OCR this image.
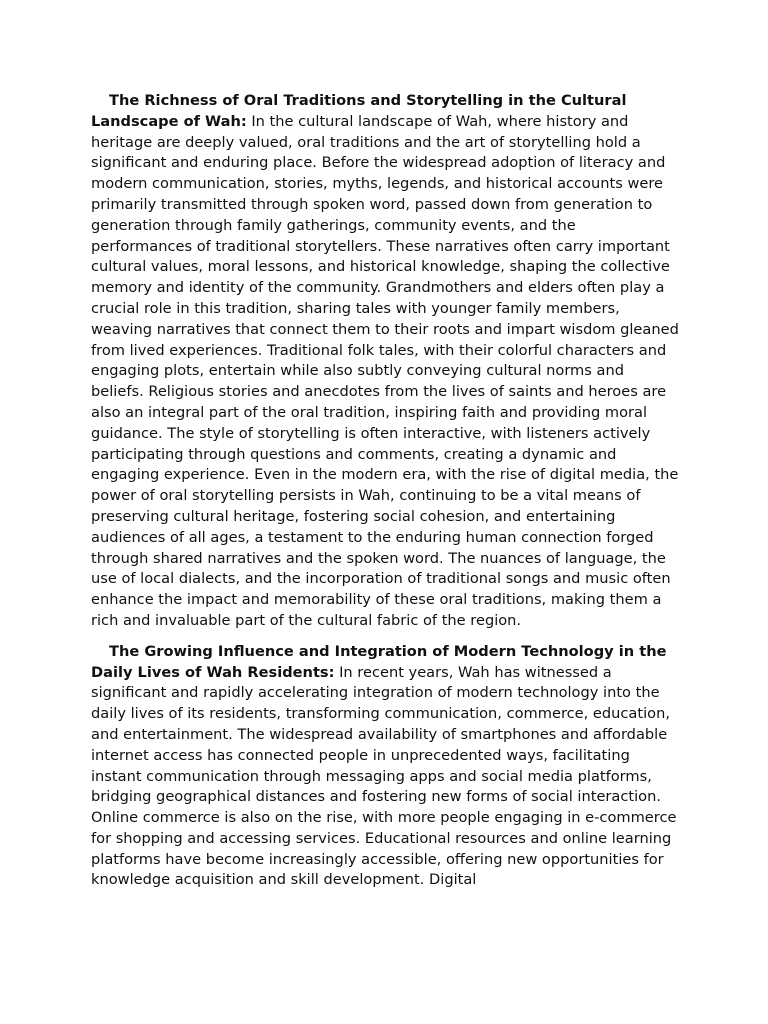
The Richness of Oral Traditions and Storytelling in the Cultural Landscape of Wah: In the cultural landscape of Wah, where history and heritage are deeply valued, oral traditions and the art of storytelling hold a significant and enduring place. Before the widespread adoption of literacy and modern communication, stories, myths, legends, and historical accounts were primarily transmitted through spoken word, passed down from generation to generation through family gatherings, community events, and the performances of traditional storytellers. These narratives often carry important cultural values, moral lessons, and historical knowledge, shaping the collective memory and identity of the community. Grandmothers and elders often play a crucial role in this tradition, sharing tales with younger family members, weaving narratives that connect them to their roots and impart wisdom gleaned from lived experiences. Traditional folk tales, with their colorful characters and engaging plots, entertain while also subtly conveying cultural norms and beliefs. Religious stories and anecdotes from the lives of saints and heroes are also an integral part of the oral tradition, inspiring faith and providing moral guidance. The style of storytelling is often interactive, with listeners actively participating through questions and comments, creating a dynamic and engaging experience. Even in the modern era, with the rise of digital media, the power of oral storytelling persists in Wah, continuing to be a vital means of preserving cultural heritage, fostering social cohesion, and entertaining audiences of all ages, a testament to the enduring human connection forged through shared narratives and the spoken word. The nuances of language, the use of local dialects, and the incorporation of traditional songs and music often enhance the impact and memorability of these oral traditions, making them a rich and invaluable part of the cultural fabric of the region.

The Growing Influence and Integration of Modern Technology in the Daily Lives of Wah Residents: In recent years, Wah has witnessed a significant and rapidly accelerating integration of modern technology into the daily lives of its residents, transforming communication, commerce, education, and entertainment. The widespread availability of smartphones and affordable internet access has connected people in unprecedented ways, facilitating instant communication through messaging apps and social media platforms, bridging geographical distances and fostering new forms of social interaction. Online commerce is also on the rise, with more people engaging in e-commerce for shopping and accessing services. Educational resources and online learning platforms have become increasingly accessible, offering new opportunities for knowledge acquisition and skill development. Digital
